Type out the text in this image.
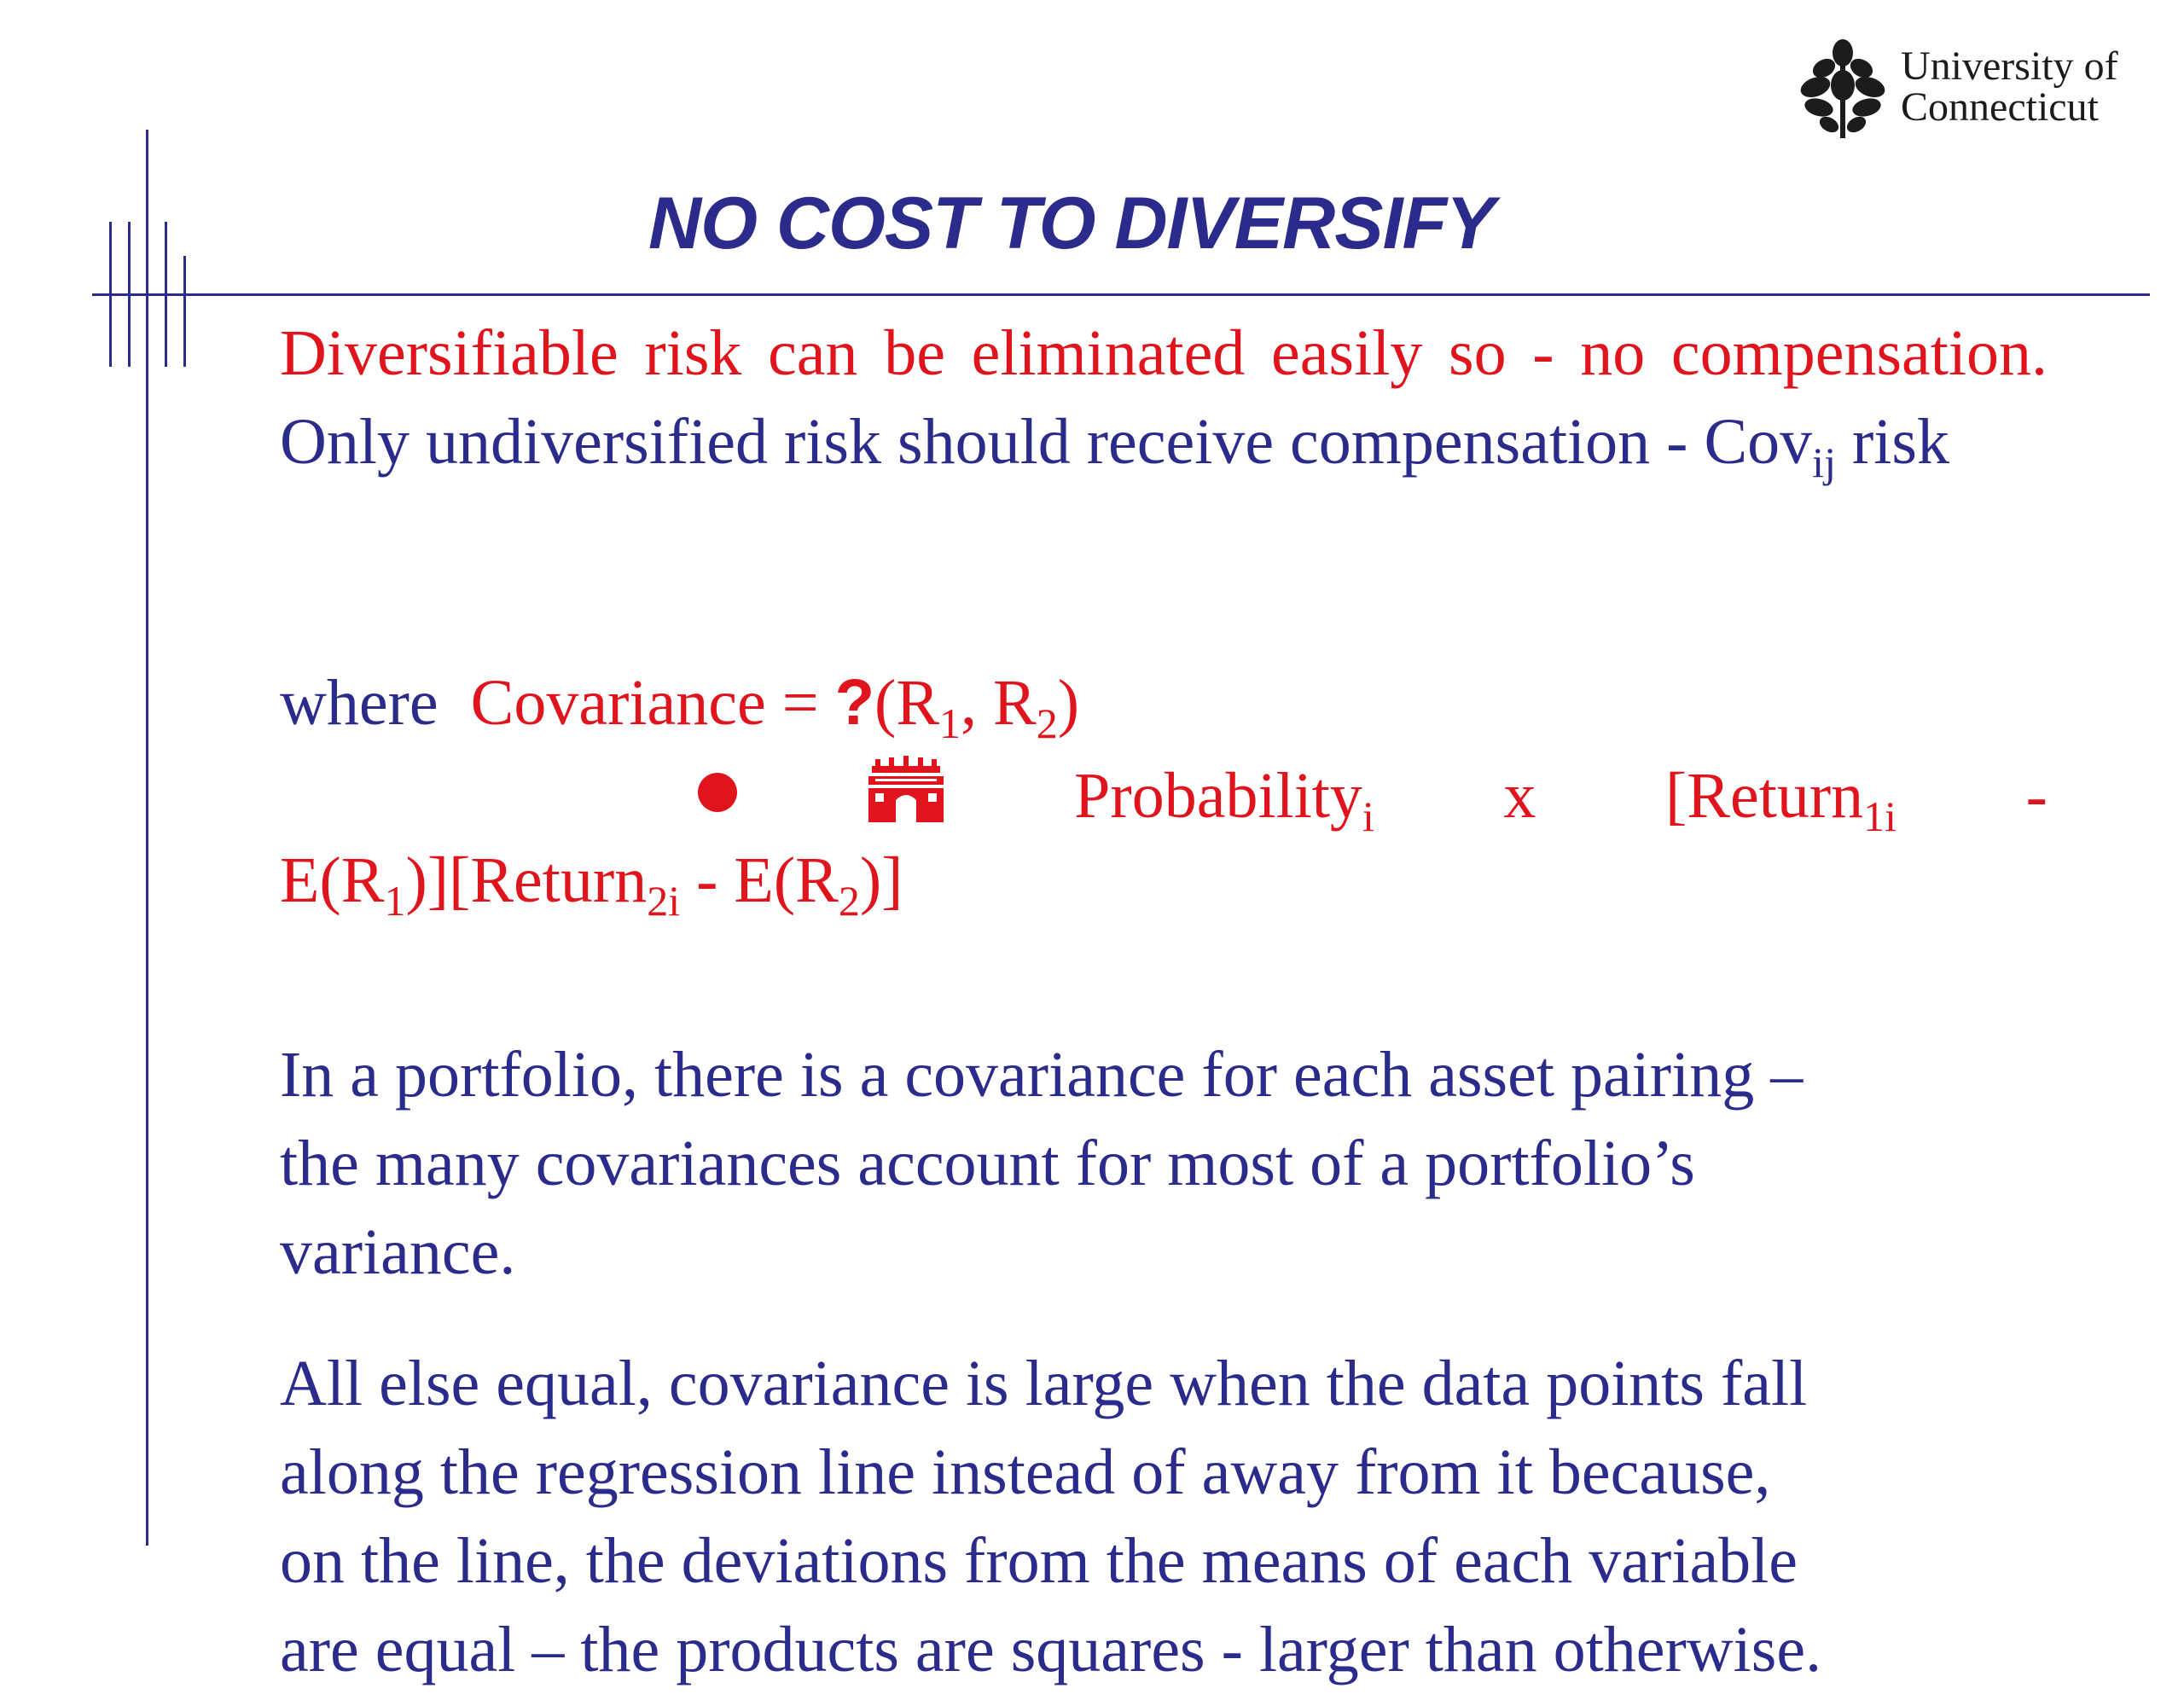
University of
Connecticut
NO COST TO DIVERSIFY
Diversifiable risk can be eliminated easily so - no compensation. Only undiversified risk should receive compensation - Cov$_{ij}$ risk
where Covariance = $?(R_1$, $R_2$)
Probability$_i$ x [Return$_{1i}$ -
$E(R_1)][Return_{2i} - E(R_2)]$
In a portfolio, there is a covariance for each asset pairing –
the many covariances account for most of a portfolio’s
variance.
All else equal, covariance is large when the data points fall
along the regression line instead of away from it because,
on the line, the deviations from the means of each variable
are equal – the products are squares - larger than otherwise.
